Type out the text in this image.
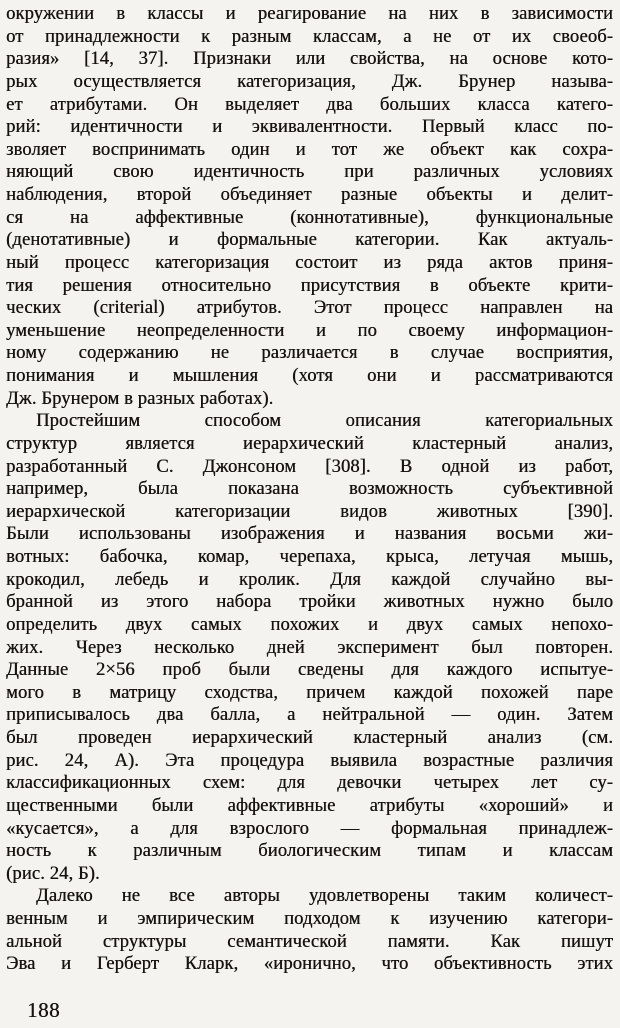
окружении в классы и реагирование на них в зависимости
от принадлежности к разным классам, а не от их своеоб-
разия» [14, 37]. Признаки или свойства, на основе кото-
рых осуществляется категоризация, Дж. Брунер называ-
ет атрибутами. Он выделяет два больших класса катего-
рий: идентичности и эквивалентности. Первый класс по-
зволяет воспринимать один и тот же объект как сохра-
няющий свою идентичность при различных условиях
наблюдения, второй объединяет разные объекты и делит-
ся на аффективные (коннотативные), функциональные
(денотативные) и формальные категории. Как актуаль-
ный процесс категоризация состоит из ряда актов приня-
тия решения относительно присутствия в объекте крити-
ческих (criterial) атрибутов. Этот процесс направлен на
уменьшение неопределенности и по своему информацион-
ному содержанию не различается в случае восприятия,
понимания и мышления (хотя они и рассматриваются
Дж. Брунером в разных работах).
Простейшим способом описания категориальных
структур является иерархический кластерный анализ,
разработанный С. Джонсоном [308]. В одной из работ,
например, была показана возможность субъективной
иерархической категоризации видов животных [390].
Были использованы изображения и названия восьми жи-
вотных: бабочка, комар, черепаха, крыса, летучая мышь,
крокодил, лебедь и кролик. Для каждой случайно вы-
бранной из этого набора тройки животных нужно было
определить двух самых похожих и двух самых непохо-
жих. Через несколько дней эксперимент был повторен.
Данные 2×56 проб были сведены для каждого испытуе-
мого в матрицу сходства, причем каждой похожей паре
приписывалось два балла, а нейтральной — один. Затем
был проведен иерархический кластерный анализ (см.
рис. 24, А). Эта процедура выявила возрастные различия
классификационных схем: для девочки четырех лет су-
щественными были аффективные атрибуты «хороший» и
«кусается», а для взрослого — формальная принадлеж-
ность к различным биологическим типам и классам
(рис. 24, Б).
Далеко не все авторы удовлетворены таким количест-
венным и эмпирическим подходом к изучению категори-
альной структуры семантической памяти. Как пишут
Эва и Герберт Кларк, «иронично, что объективность этих
188
